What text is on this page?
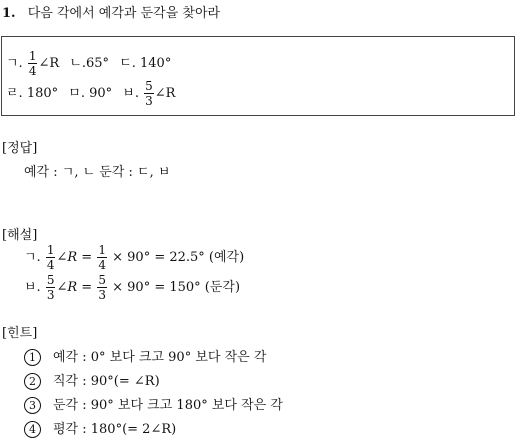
1. 다음 각에서 예각과 둔각을 찾아라
ㄱ. $\frac{1}{4}$ ∠R ㄴ.65° ㄷ. 140°
ㄹ. 180° ㅁ. 90° ㅂ. $\frac{5}{3}$ ∠R
[정답]
예각 : ㄱ, ㄴ 둔각 : ㄷ, ㅂ
[해설]
ㄱ. $\frac{1}{4}$ ∠R = $\frac{1}{4} \times 90^\circ = 22.5^\circ$ (예각)
ㅂ. $\frac{5}{3}$ ∠R = $\frac{5}{3} \times 90^\circ = 150^\circ$ (둔각)
[힌트]
1 예각 : 0° 보다 크고 90° 보다 작은 각
2 직각 : 90°(= ∠R)
3 둔각 : 90° 보다 크고 180° 보다 작은 각
4 평각 : 180°(= 2∠R)
